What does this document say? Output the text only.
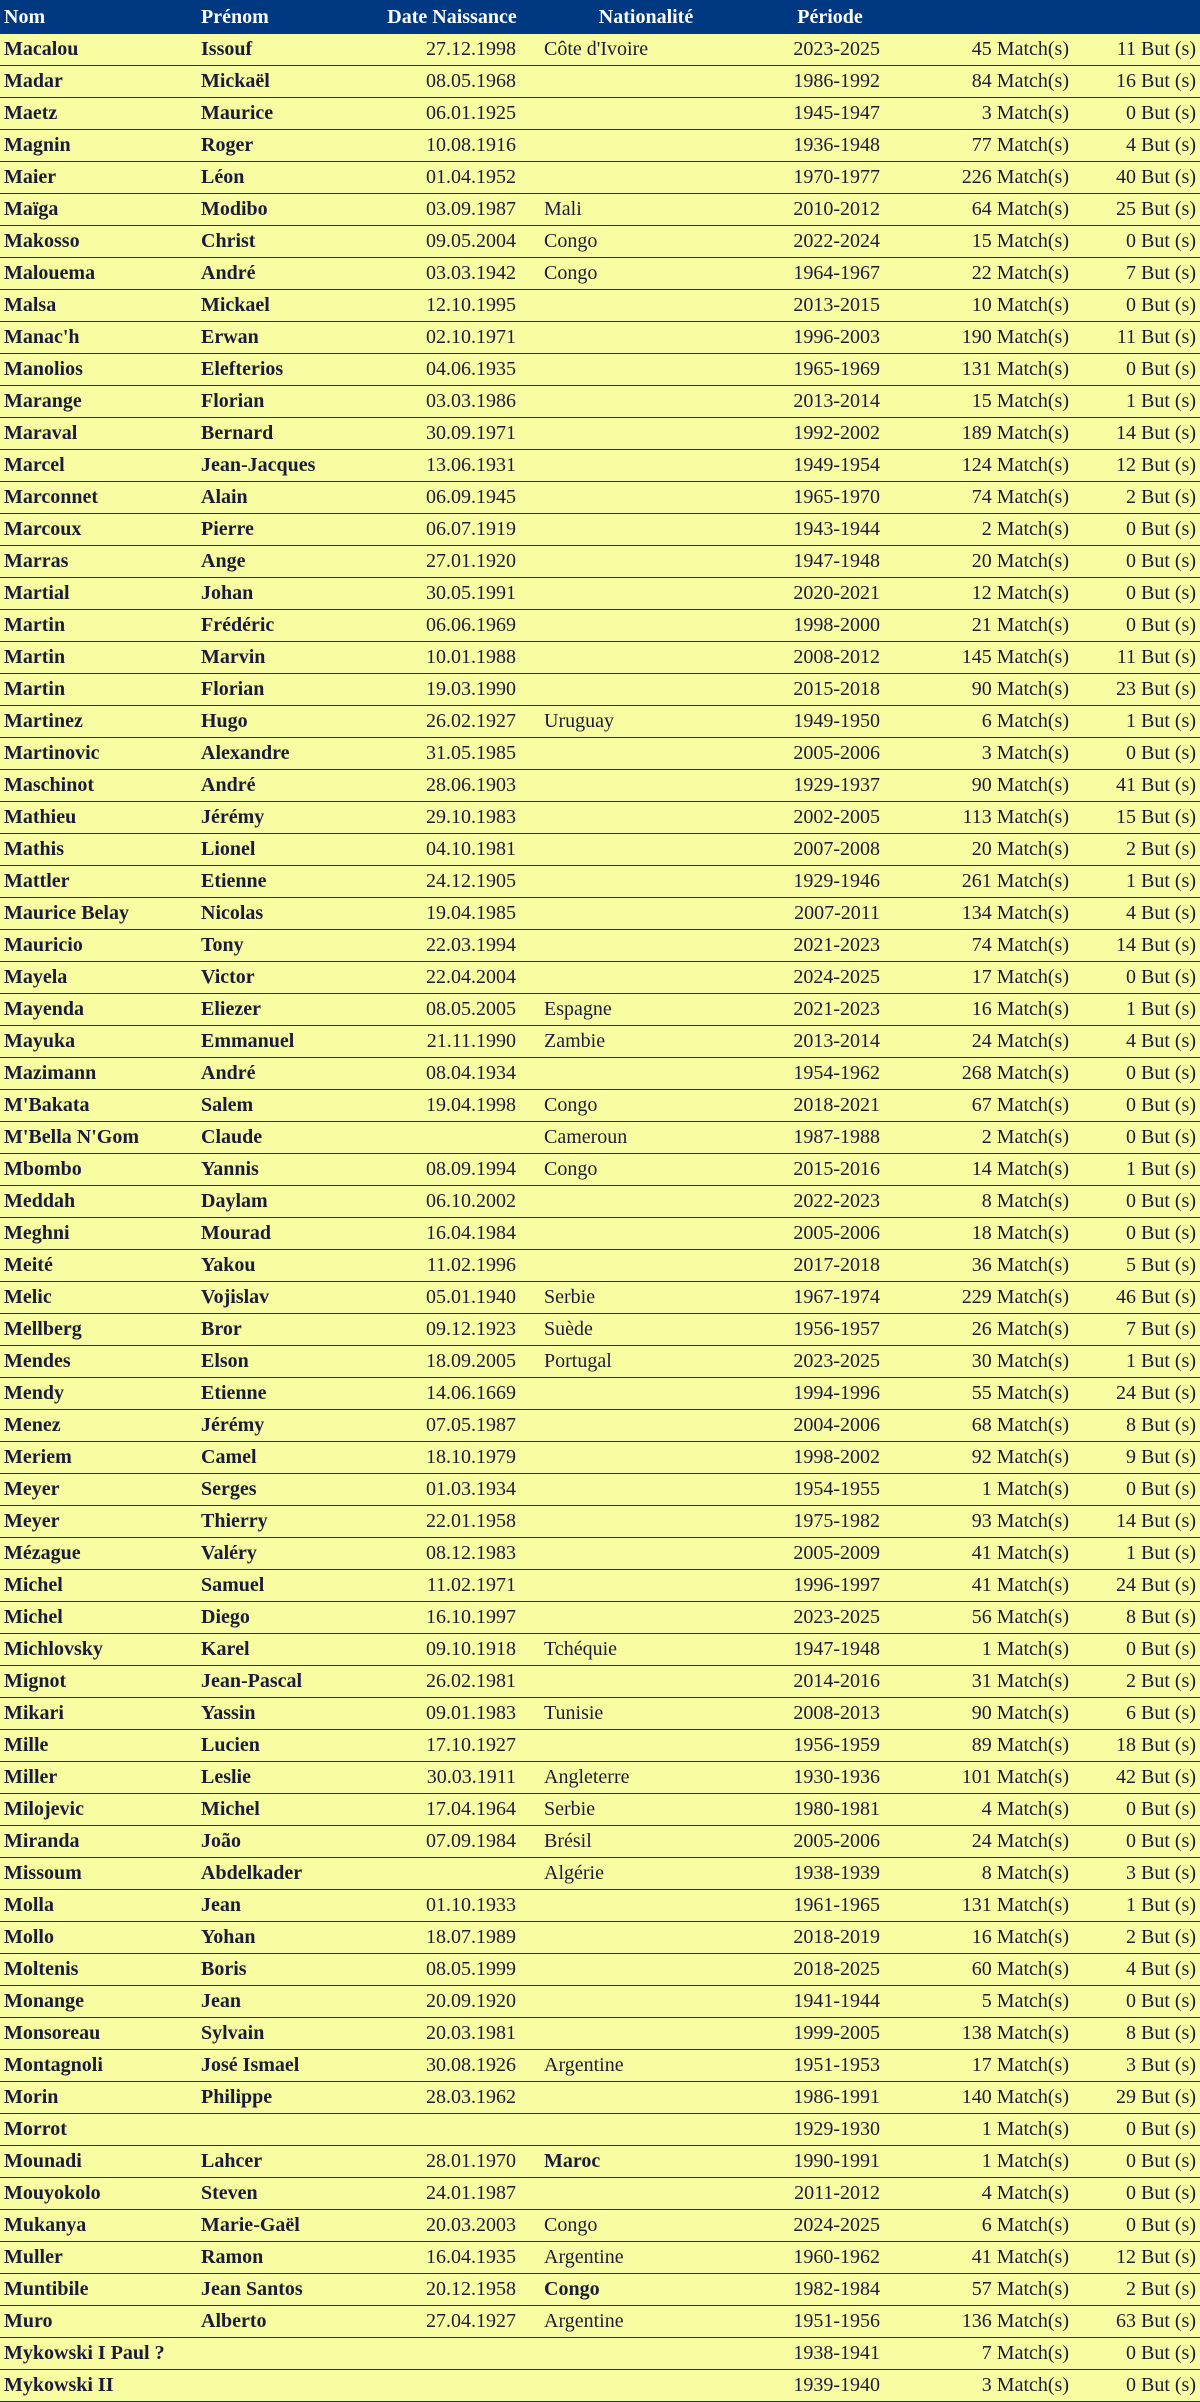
Nom	Prénom	Date Naissance	Nationalité	Période		
Macalou	Issouf	27.12.1998	Côte d'Ivoire	2023-2025	45 Match(s)	11 But (s)
Madar	Mickaël	08.05.1968		1986-1992	84 Match(s)	16 But (s)
Maetz	Maurice	06.01.1925		1945-1947	3 Match(s)	0 But (s)
Magnin	Roger	10.08.1916		1936-1948	77 Match(s)	4 But (s)
Maier	Léon	01.04.1952		1970-1977	226 Match(s)	40 But (s)
Maïga	Modibo	03.09.1987	Mali	2010-2012	64 Match(s)	25 But (s)
Makosso	Christ	09.05.2004	Congo	2022-2024	15 Match(s)	0 But (s)
Malouema	André	03.03.1942	Congo	1964-1967	22 Match(s)	7 But (s)
Malsa	Mickael	12.10.1995		2013-2015	10 Match(s)	0 But (s)
Manac'h	Erwan	02.10.1971		1996-2003	190 Match(s)	11 But (s)
Manolios	Elefterios	04.06.1935		1965-1969	131 Match(s)	0 But (s)
Marange	Florian	03.03.1986		2013-2014	15 Match(s)	1 But (s)
Maraval	Bernard	30.09.1971		1992-2002	189 Match(s)	14 But (s)
Marcel	Jean-Jacques	13.06.1931		1949-1954	124 Match(s)	12 But (s)
Marconnet	Alain	06.09.1945		1965-1970	74 Match(s)	2 But (s)
Marcoux	Pierre	06.07.1919		1943-1944	2 Match(s)	0 But (s)
Marras	Ange	27.01.1920		1947-1948	20 Match(s)	0 But (s)
Martial	Johan	30.05.1991		2020-2021	12 Match(s)	0 But (s)
Martin	Frédéric	06.06.1969		1998-2000	21 Match(s)	0 But (s)
Martin	Marvin	10.01.1988		2008-2012	145 Match(s)	11 But (s)
Martin	Florian	19.03.1990		2015-2018	90 Match(s)	23 But (s)
Martinez	Hugo	26.02.1927	Uruguay	1949-1950	6 Match(s)	1 But (s)
Martinovic	Alexandre	31.05.1985		2005-2006	3 Match(s)	0 But (s)
Maschinot	André	28.06.1903		1929-1937	90 Match(s)	41 But (s)
Mathieu	Jérémy	29.10.1983		2002-2005	113 Match(s)	15 But (s)
Mathis	Lionel	04.10.1981		2007-2008	20 Match(s)	2 But (s)
Mattler	Etienne	24.12.1905		1929-1946	261 Match(s)	1 But (s)
Maurice Belay	Nicolas	19.04.1985		2007-2011	134 Match(s)	4 But (s)
Mauricio	Tony	22.03.1994		2021-2023	74 Match(s)	14 But (s)
Mayela	Victor	22.04.2004		2024-2025	17 Match(s)	0 But (s)
Mayenda	Eliezer	08.05.2005	Espagne	2021-2023	16 Match(s)	1 But (s)
Mayuka	Emmanuel	21.11.1990	Zambie	2013-2014	24 Match(s)	4 But (s)
Mazimann	André	08.04.1934		1954-1962	268 Match(s)	0 But (s)
M'Bakata	Salem	19.04.1998	Congo	2018-2021	67 Match(s)	0 But (s)
M'Bella N'Gom	Claude		Cameroun	1987-1988	2 Match(s)	0 But (s)
Mbombo	Yannis	08.09.1994	Congo	2015-2016	14 Match(s)	1 But (s)
Meddah	Daylam	06.10.2002		2022-2023	8 Match(s)	0 But (s)
Meghni	Mourad	16.04.1984		2005-2006	18 Match(s)	0 But (s)
Meité	Yakou	11.02.1996		2017-2018	36 Match(s)	5 But (s)
Melic	Vojislav	05.01.1940	Serbie	1967-1974	229 Match(s)	46 But (s)
Mellberg	Bror	09.12.1923	Suède	1956-1957	26 Match(s)	7 But (s)
Mendes	Elson	18.09.2005	Portugal	2023-2025	30 Match(s)	1 But (s)
Mendy	Etienne	14.06.1669		1994-1996	55 Match(s)	24 But (s)
Menez	Jérémy	07.05.1987		2004-2006	68 Match(s)	8 But (s)
Meriem	Camel	18.10.1979		1998-2002	92 Match(s)	9 But (s)
Meyer	Serges	01.03.1934		1954-1955	1 Match(s)	0 But (s)
Meyer	Thierry	22.01.1958		1975-1982	93 Match(s)	14 But (s)
Mézague	Valéry	08.12.1983		2005-2009	41 Match(s)	1 But (s)
Michel	Samuel	11.02.1971		1996-1997	41 Match(s)	24 But (s)
Michel	Diego	16.10.1997		2023-2025	56 Match(s)	8 But (s)
Michlovsky	Karel	09.10.1918	Tchéquie	1947-1948	1 Match(s)	0 But (s)
Mignot	Jean-Pascal	26.02.1981		2014-2016	31 Match(s)	2 But (s)
Mikari	Yassin	09.01.1983	Tunisie	2008-2013	90 Match(s)	6 But (s)
Mille	Lucien	17.10.1927		1956-1959	89 Match(s)	18 But (s)
Miller	Leslie	30.03.1911	Angleterre	1930-1936	101 Match(s)	42 But (s)
Milojevic	Michel	17.04.1964	Serbie	1980-1981	4 Match(s)	0 But (s)
Miranda	João	07.09.1984	Brésil	2005-2006	24 Match(s)	0 But (s)
Missoum	Abdelkader		Algérie	1938-1939	8 Match(s)	3 But (s)
Molla	Jean	01.10.1933		1961-1965	131 Match(s)	1 But (s)
Mollo	Yohan	18.07.1989		2018-2019	16 Match(s)	2 But (s)
Moltenis	Boris	08.05.1999		2018-2025	60 Match(s)	4 But (s)
Monange	Jean	20.09.1920		1941-1944	5 Match(s)	0 But (s)
Monsoreau	Sylvain	20.03.1981		1999-2005	138 Match(s)	8 But (s)
Montagnoli	José Ismael	30.08.1926	Argentine	1951-1953	17 Match(s)	3 But (s)
Morin	Philippe	28.03.1962		1986-1991	140 Match(s)	29 But (s)
Morrot				1929-1930	1 Match(s)	0 But (s)
Mounadi	Lahcer	28.01.1970	Maroc	1990-1991	1 Match(s)	0 But (s)
Mouyokolo	Steven	24.01.1987		2011-2012	4 Match(s)	0 But (s)
Mukanya	Marie-Gaël	20.03.2003	Congo	2024-2025	6 Match(s)	0 But (s)
Muller	Ramon	16.04.1935	Argentine	1960-1962	41 Match(s)	12 But (s)
Muntibile	Jean Santos	20.12.1958	Congo	1982-1984	57 Match(s)	2 But (s)
Muro	Alberto	27.04.1927	Argentine	1951-1956	136 Match(s)	63 But (s)
Mykowski I Paul ?				1938-1941	7 Match(s)	0 But (s)
Mykowski II				1939-1940	3 Match(s)	0 But (s)
